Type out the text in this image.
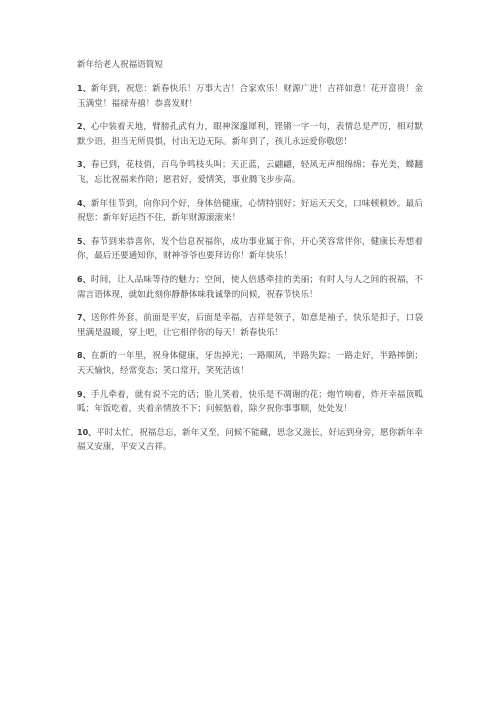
新年给老人祝福语简短
1、新年到，祝您：新春快乐！万事大吉！合家欢乐！财源广进！吉祥如意！花开富贵！金玉满堂！福禄寿禧！恭喜发财！
2、心中装着天地，臂膀孔武有力，眼神深邃犀利，铿锵一字一句，表情总是严厉，相对默默少语，担当无所畏惧，付出无边无际。新年到了，孩儿永远爱你敬您！
3、春已到，花枝俏，百鸟争鸣枝头叫；天正蓝，云翩翩，轻风无声细绵绵；春光美，蝶翻飞，忘比祝福来作陪；愿君好，爱情笑，事业腾飞步步高。
4、新年佳节到，向你问个好，身体倍健康，心情特别好；好运天天交，口味顿顿妙。最后祝您：新年好运挡不住，新年财源滚滚来！
5、春节到来恭喜你，发个信息祝福你，成功事业属于你，开心笑容常伴你，健康长寿想着你，最后还要通知你，财神爷爷也要拜访你！新年快乐！
6、时间，让人品味等待的魅力；空间，使人倍感牵挂的美丽；有时人与人之间的祝福，不需言语体现，就如此刻你静静体味我诚挚的问候，祝春节快乐！
7、送你件外套，前面是平安，后面是幸福，吉祥是领子，如意是袖子，快乐是扣子，口袋里满是温暖，穿上吧，让它相伴你的每天！新春快乐！
8、在新的一年里，祝身体健康，牙齿掉光；一路顺风，半路失踪；一路走好，半路摔倒；天天愉快，经常变态；笑口常开，笑死活该！
9、手儿牵着，就有说不完的话；脸儿笑着，快乐是不凋谢的花；炮竹响着，炸开幸福顶呱呱；年饭吃着，夹着亲情放不下；问候惦着，除夕祝你事事顺，处处发！
10、平时太忙，祝福总忘，新年又至，问候不能藏，思念又滋长，好运到身旁，愿你新年幸福又安康，平安又吉祥。
